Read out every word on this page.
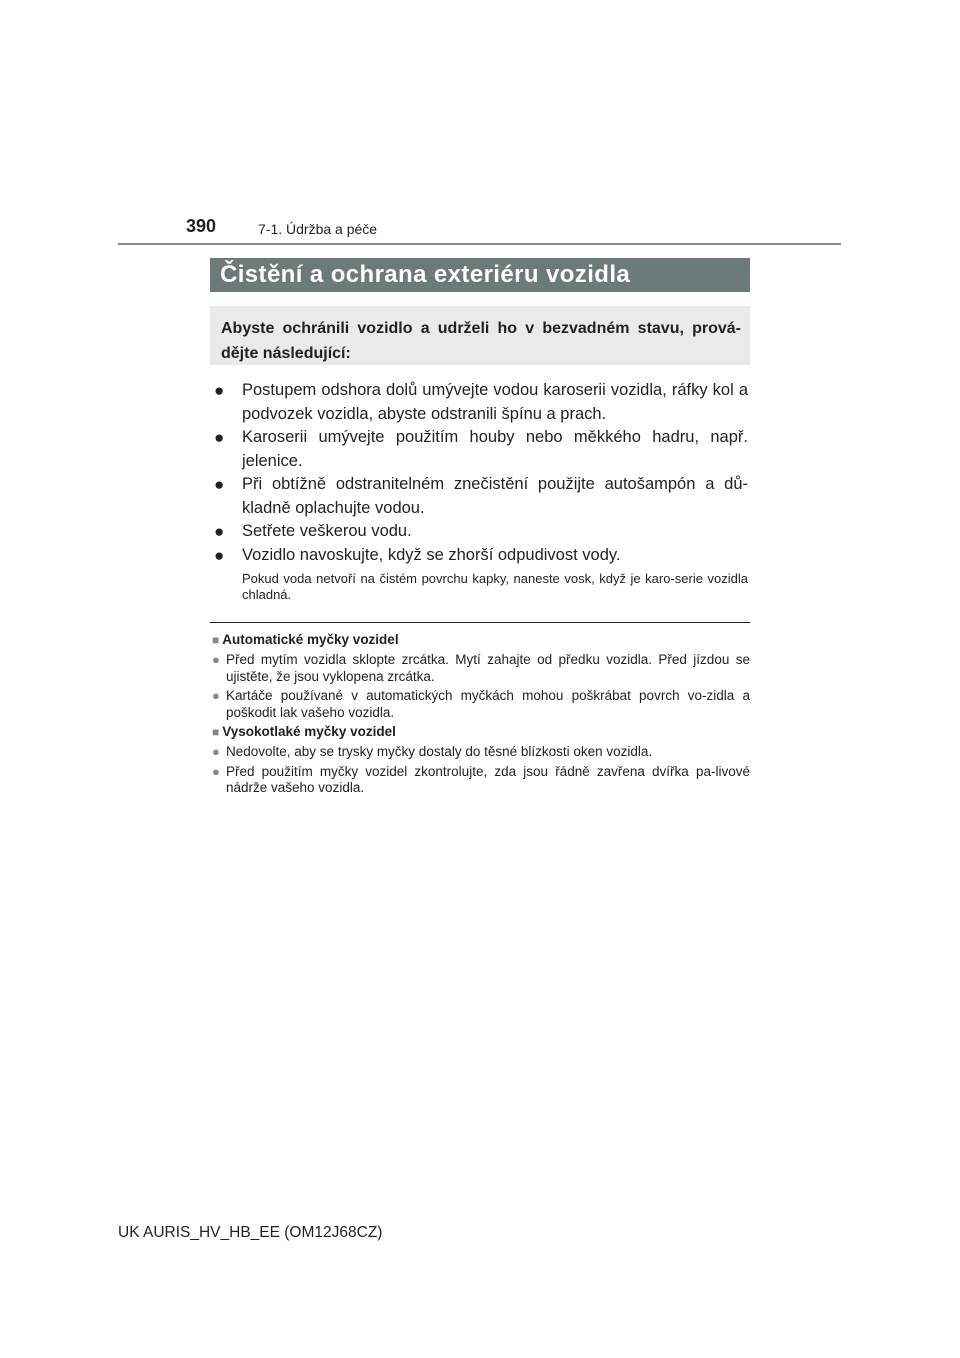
390	7-1. Údržba a péče
Čistění a ochrana exteriéru vozidla
Abyste ochránili vozidlo a udrželi ho v bezvadném stavu, prová-dějte následující:
● Postupem odshora dolů umývejte vodou karoserii vozidla, ráfky kol a podvozek vozidla, abyste odstranili špínu a prach.
● Karoserii umývejte použitím houby nebo měkkého hadru, např. jelenice.
● Při obtížně odstranitelném znečistění použijte autošampón a dů-kladně oplachujte vodou.
● Setřete veškerou vodu.
● Vozidlo navoskujte, když se zhorší odpudivost vody.
Pokud voda netvoří na čistém povrchu kapky, naneste vosk, když je karo-serie vozidla chladná.
■ Automatické myčky vozidel
● Před mytím vozidla sklopte zrcátka. Mytí zahajte od předku vozidla. Před jízdou se ujistěte, že jsou vyklopena zrcátka.
● Kartáče používané v automatických myčkách mohou poškrábat povrch vo-zidla a poškodit lak vašeho vozidla.
■ Vysokotlaké myčky vozidel
● Nedovolte, aby se trysky myčky dostaly do těsné blízkosti oken vozidla.
● Před použitím myčky vozidel zkontrolujte, zda jsou řádně zavřena dvířka pa-livové nádrže vašeho vozidla.
UK AURIS_HV_HB_EE (OM12J68CZ)
